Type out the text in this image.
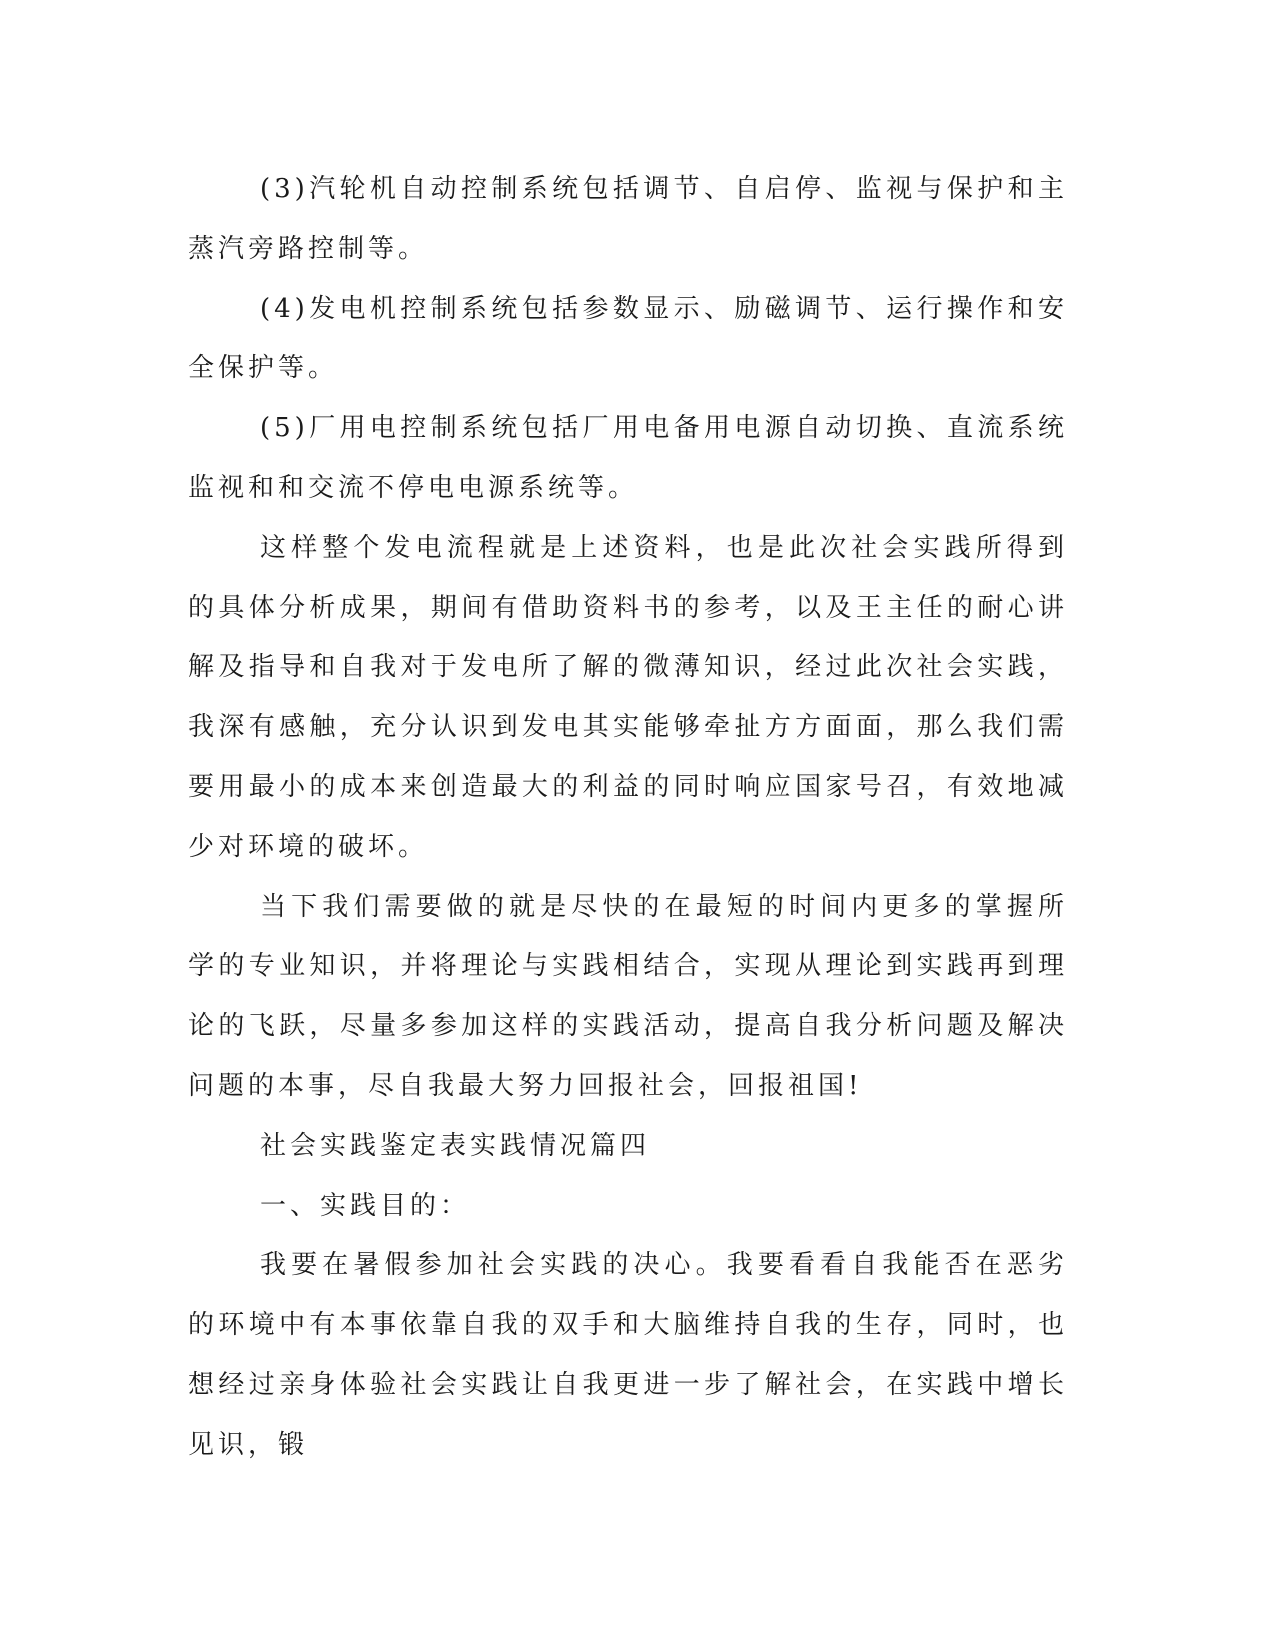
(3)汽轮机自动控制系统包括调节、自启停、监视与保护和主蒸汽旁路控制等。

(4)发电机控制系统包括参数显示、励磁调节、运行操作和安全保护等。

(5)厂用电控制系统包括厂用电备用电源自动切换、直流系统监视和和交流不停电电源系统等。

这样整个发电流程就是上述资料，也是此次社会实践所得到的具体分析成果，期间有借助资料书的参考，以及王主任的耐心讲解及指导和自我对于发电所了解的微薄知识，经过此次社会实践，我深有感触，充分认识到发电其实能够牵扯方方面面，那么我们需要用最小的成本来创造最大的利益的同时响应国家号召，有效地减少对环境的破坏。

当下我们需要做的就是尽快的在最短的时间内更多的掌握所学的专业知识，并将理论与实践相结合，实现从理论到实践再到理论的飞跃，尽量多参加这样的实践活动，提高自我分析问题及解决问题的本事，尽自我最大努力回报社会，回报祖国!

社会实践鉴定表实践情况篇四

一、实践目的：

我要在暑假参加社会实践的决心。我要看看自我能否在恶劣的环境中有本事依靠自我的双手和大脑维持自我的生存，同时，也想经过亲身体验社会实践让自我更进一步了解社会，在实践中增长见识，锻
